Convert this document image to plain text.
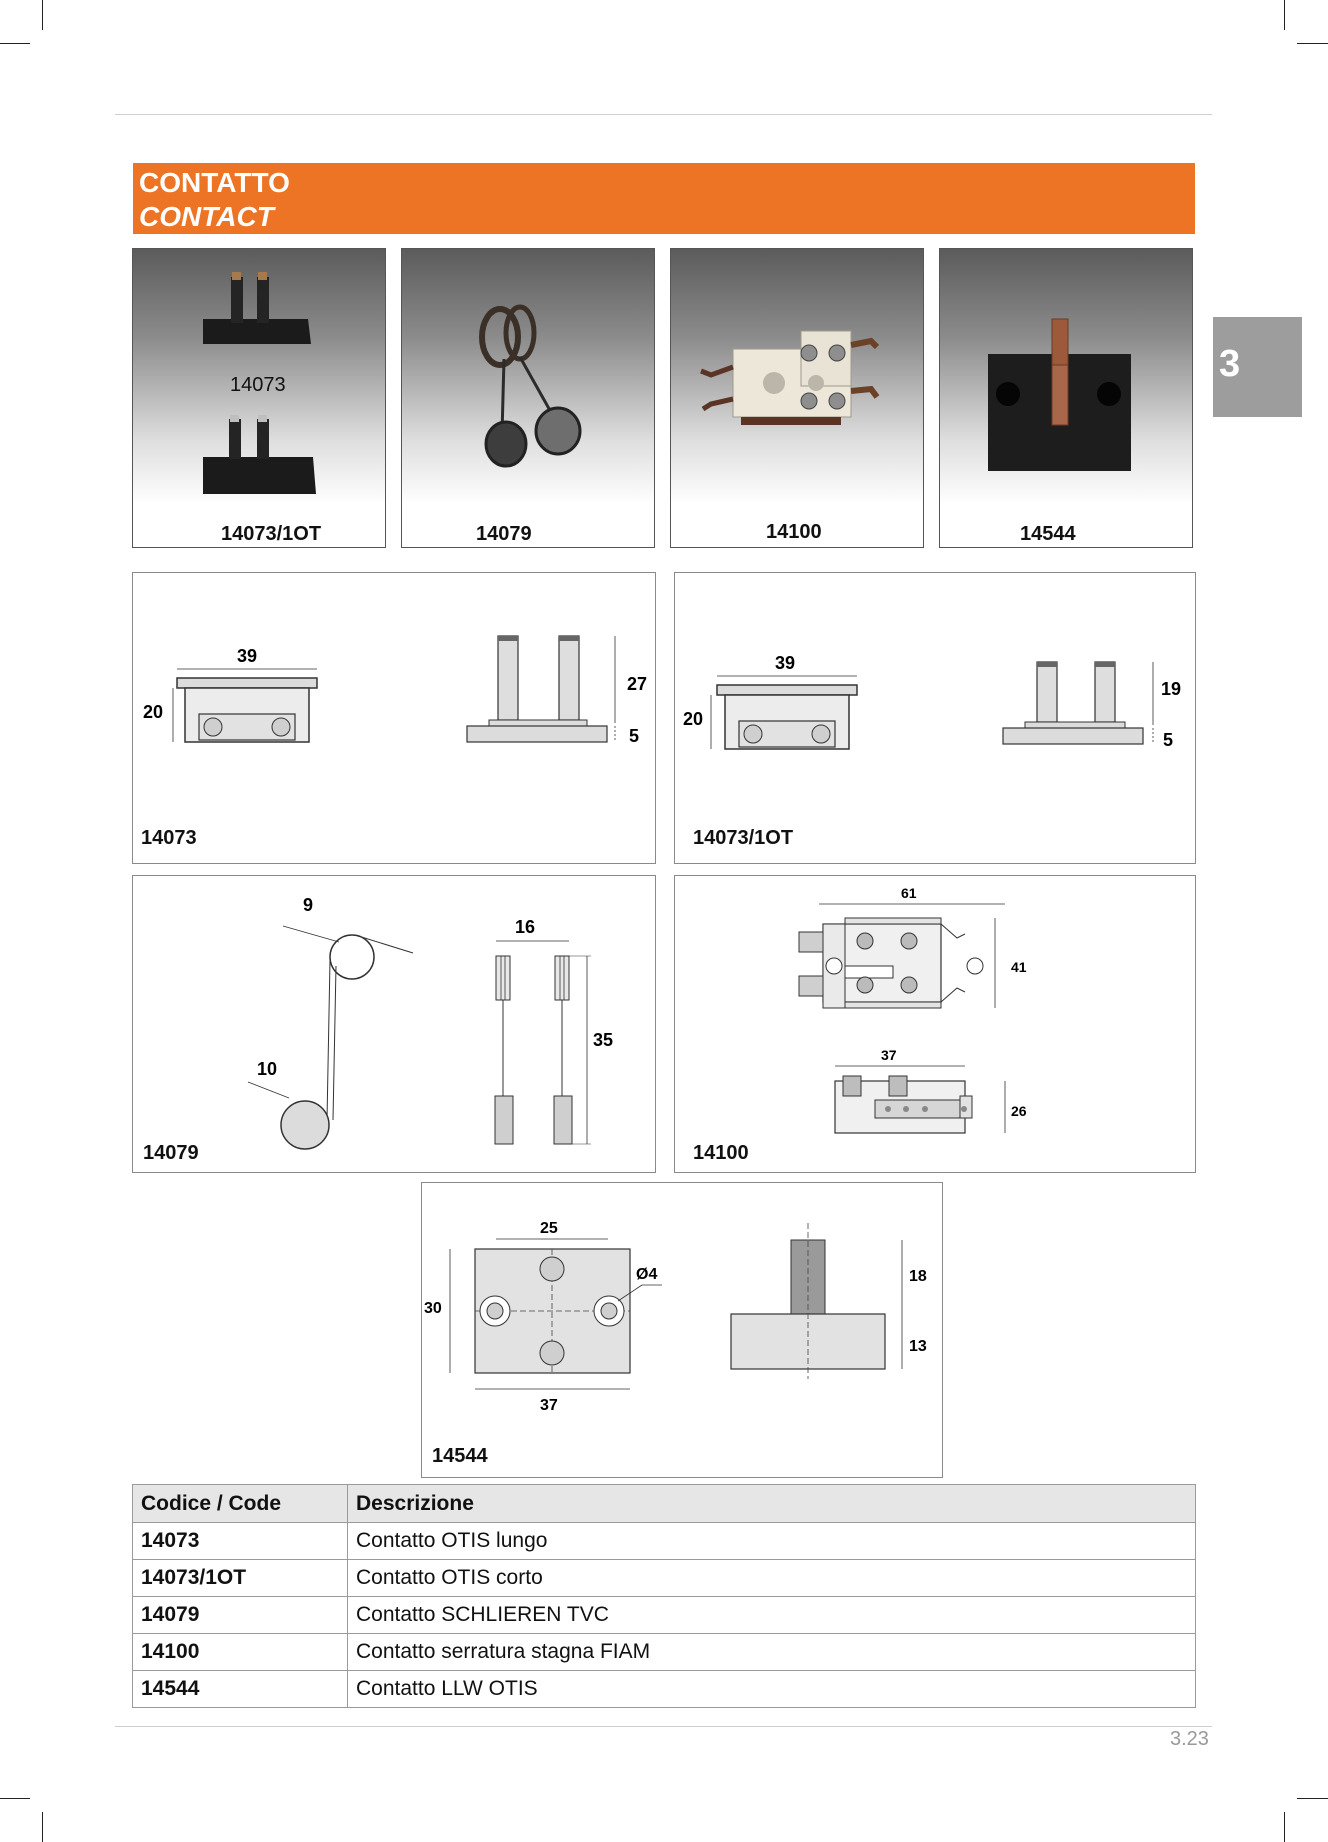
CONTATTO
CONTACT
3
14073
14073/1OT	14079	14100	14544
39
20
27
5
14073
39
20
19
5
14073/1OT
9
10
16
35
14079
61
41
37
26
14100
25
Ø4
30
37
18
13
14544
Codice / Code	Descrizione
14073	Contatto OTIS lungo
14073/1OT	Contatto OTIS corto
14079	Contatto SCHLIEREN TVC
14100	Contatto serratura stagna FIAM
14544	Contatto LLW OTIS
3.23
